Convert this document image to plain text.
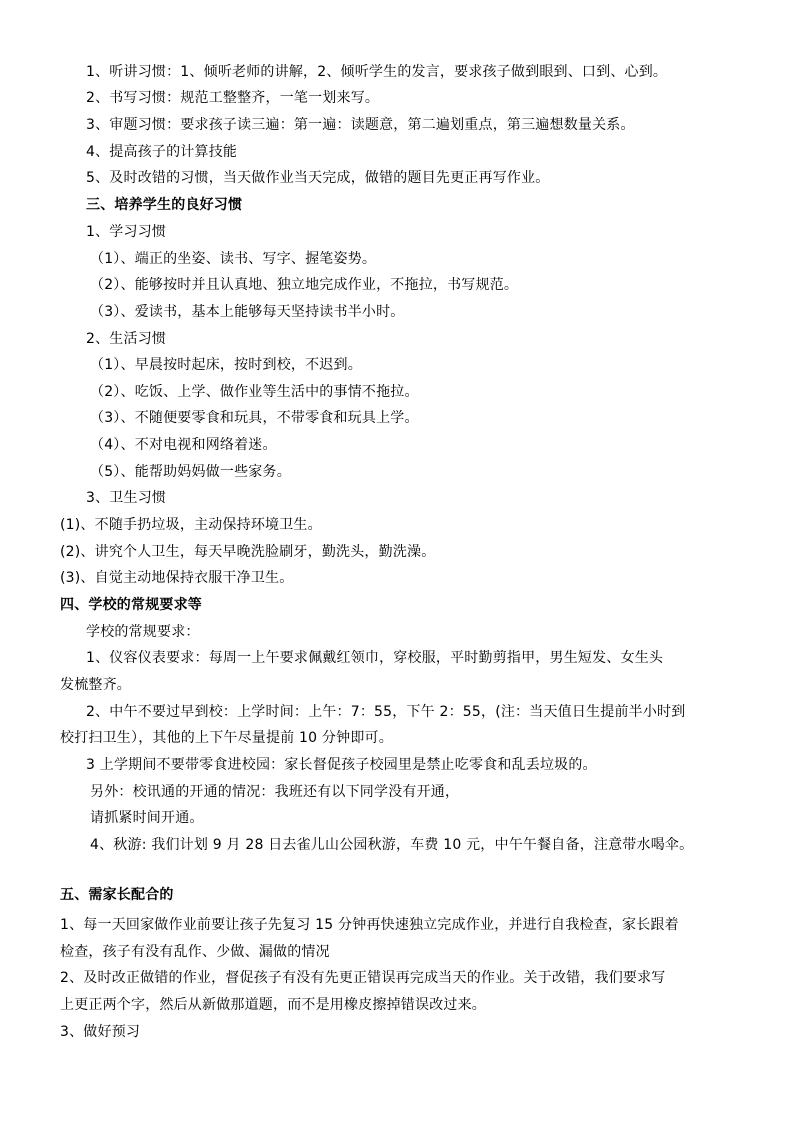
1、听讲习惯：1、倾听老师的讲解，2、倾听学生的发言，要求孩子做到眼到、口到、心到。
2、书写习惯：规范工整整齐，一笔一划来写。
3、审题习惯：要求孩子读三遍：第一遍：读题意，第二遍划重点，第三遍想数量关系。
4、提高孩子的计算技能
5、及时改错的习惯，当天做作业当天完成，做错的题目先更正再写作业。
三、培养学生的良好习惯
1、学习习惯
（1）、端正的坐姿、读书、写字、握笔姿势。
（2）、能够按时并且认真地、独立地完成作业，不拖拉，书写规范。
（3）、爱读书，基本上能够每天坚持读书半小时。
2、生活习惯
（1）、早晨按时起床，按时到校，不迟到。
（2）、吃饭、上学、做作业等生活中的事情不拖拉。
（3）、不随便要零食和玩具，不带零食和玩具上学。
（4）、不对电视和网络着迷。
（5）、能帮助妈妈做一些家务。
3、卫生习惯
(1)、不随手扔垃圾，主动保持环境卫生。
(2)、讲究个人卫生，每天早晚洗脸刷牙，勤洗头，勤洗澡。
(3)、自觉主动地保持衣服干净卫生。
四、学校的常规要求等
学校的常规要求：
1、仪容仪表要求：每周一上午要求佩戴红领巾，穿校服，平时勤剪指甲，男生短发、女生头
发梳整齐。
2、中午不要过早到校：上学时间：上午：7：55，下午 2：55，(注：当天值日生提前半小时到
校打扫卫生），其他的上下午尽量提前 10 分钟即可。
3 上学期间不要带零食进校园：家长督促孩子校园里是禁止吃零食和乱丢垃圾的。
另外：校讯通的开通的情况：我班还有以下同学没有开通，
请抓紧时间开通。
4、秋游: 我们计划 9 月 28 日去雀儿山公园秋游，车费 10 元，中午午餐自备，注意带水喝伞。
五、需家长配合的
1、每一天回家做作业前要让孩子先复习 15 分钟再快速独立完成作业，并进行自我检查，家长跟着
检查，孩子有没有乱作、少做、漏做的情况
2、及时改正做错的作业，督促孩子有没有先更正错误再完成当天的作业。关于改错，我们要求写
上更正两个字，然后从新做那道题，而不是用橡皮擦掉错误改过来。
3、做好预习
